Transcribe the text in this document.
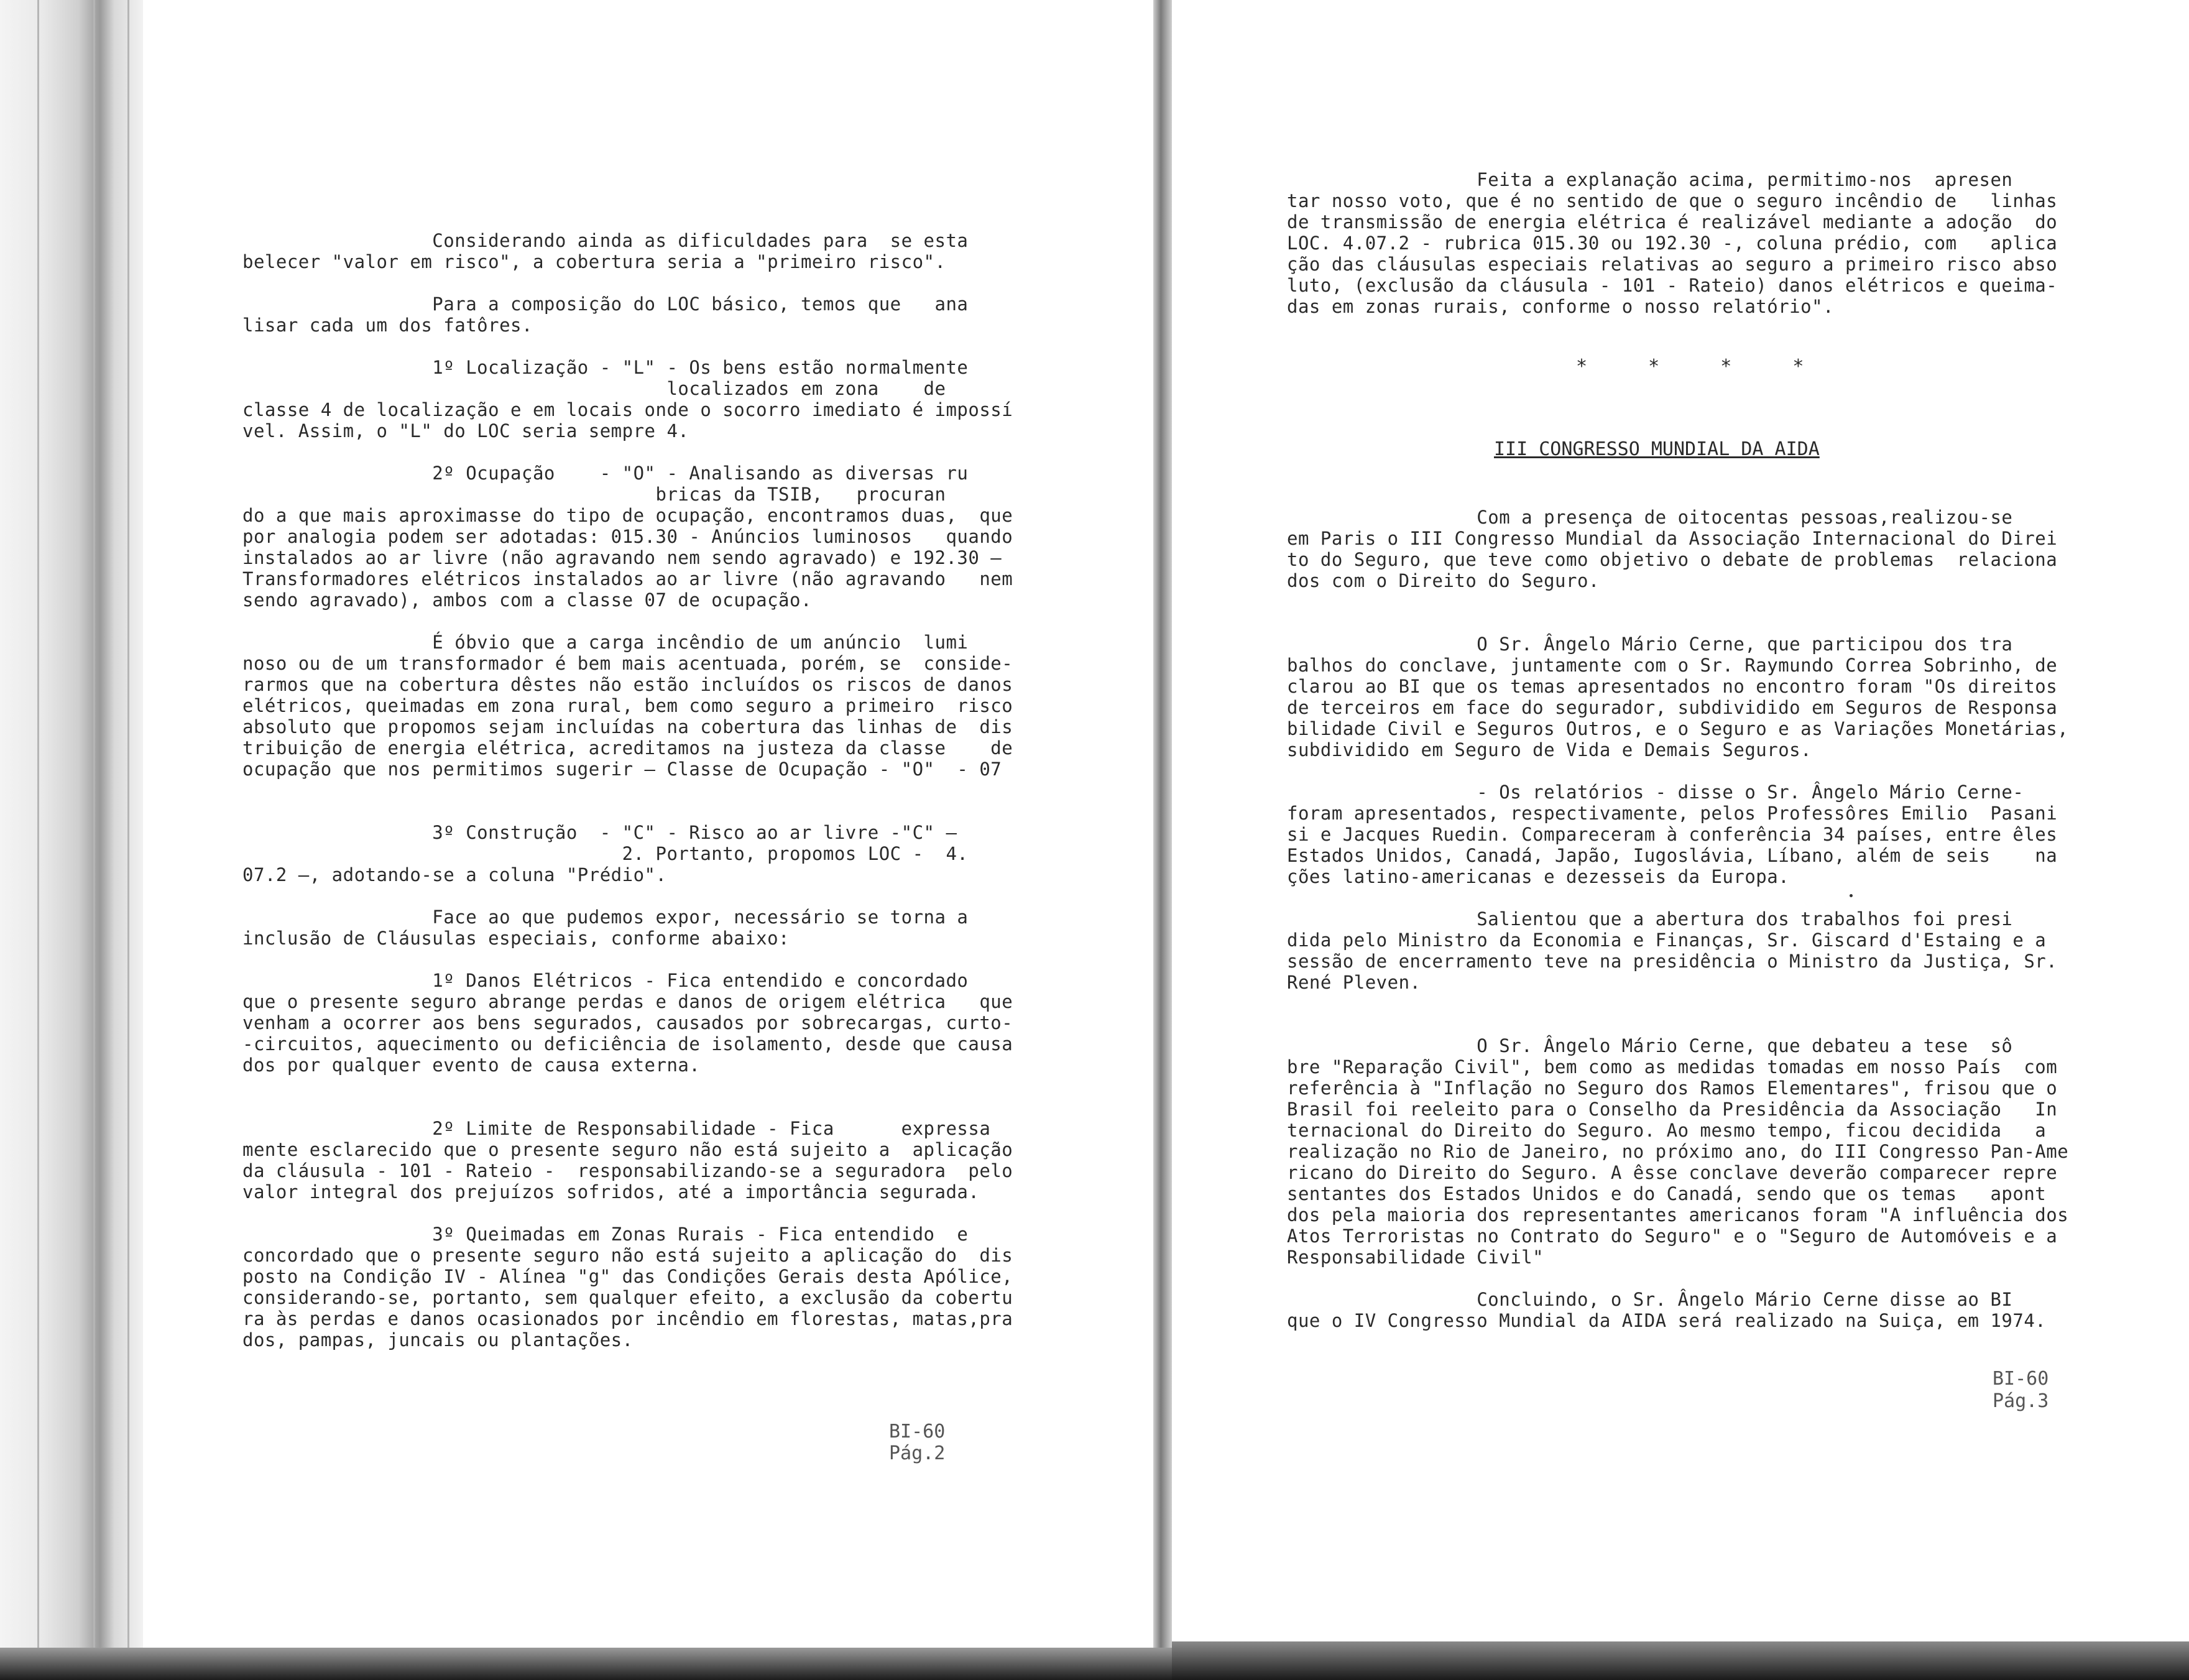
Considerando ainda as dificuldades para  se esta
belecer "valor em risco", a cobertura seria a "primeiro risco".

Para a composição do LOC básico, temos que   ana
lisar cada um dos fatôres.

1º Localização - "L" - Os bens estão normalmente
localizados em zona    de
classe 4 de localização e em locais onde o socorro imediato é impossí
vel. Assim, o "L" do LOC seria sempre 4.

2º Ocupação    - "O" - Analisando as diversas ru
bricas da TSIB,   procuran
do a que mais aproximasse do tipo de ocupação, encontramos duas,  que
por analogia podem ser adotadas: 015.30 - Anúncios luminosos   quando
instalados ao ar livre (não agravando nem sendo agravado) e 192.30 —
Transformadores elétricos instalados ao ar livre (não agravando   nem
sendo agravado), ambos com a classe 07 de ocupação.

É óbvio que a carga incêndio de um anúncio  lumi
noso ou de um transformador é bem mais acentuada, porém, se  conside-
rarmos que na cobertura dêstes não estão incluídos os riscos de danos
elétricos, queimadas em zona rural, bem como seguro a primeiro  risco
absoluto que propomos sejam incluídas na cobertura das linhas de  dis
tribuição de energia elétrica, acreditamos na justeza da classe    de
ocupação que nos permitimos sugerir — Classe de Ocupação - "O"  - 07

3º Construção  - "C" - Risco ao ar livre -"C" —
2. Portanto, propomos LOC -  4.
07.2 —, adotando-se a coluna "Prédio".

Face ao que pudemos expor, necessário se torna a
inclusão de Cláusulas especiais, conforme abaixo:

1º Danos Elétricos - Fica entendido e concordado
que o presente seguro abrange perdas e danos de origem elétrica   que
venham a ocorrer aos bens segurados, causados por sobrecargas, curto-
-circuitos, aquecimento ou deficiência de isolamento, desde que causa
dos por qualquer evento de causa externa.

2º Limite de Responsabilidade - Fica      expressa
mente esclarecido que o presente seguro não está sujeito a  aplicação
da cláusula - 101 - Rateio -  responsabilizando-se a seguradora  pelo
valor integral dos prejuízos sofridos, até a importância segurada.

3º Queimadas em Zonas Rurais - Fica entendido  e
concordado que o presente seguro não está sujeito a aplicação do  dis
posto na Condição IV - Alínea "g" das Condições Gerais desta Apólice,
considerando-se, portanto, sem qualquer efeito, a exclusão da cobertu
ra às perdas e danos ocasionados por incêndio em florestas, matas,pra
dos, pampas, juncais ou plantações.
BI-60
Pág.2
Feita a explanação acima, permitimo-nos  apresen
tar nosso voto, que é no sentido de que o seguro incêndio de   linhas
de transmissão de energia elétrica é realizável mediante a adoção  do
LOC. 4.07.2 - rubrica 015.30 ou 192.30 -, coluna prédio, com   aplica
ção das cláusulas especiais relativas ao seguro a primeiro risco abso
luto, (exclusão da cláusula - 101 - Rateio) danos elétricos e queima-
das em zonas rurais, conforme o nosso relatório".
* * * *
III CONGRESSO MUNDIAL DA AIDA
Com a presença de oitocentas pessoas,realizou-se
em Paris o III Congresso Mundial da Associação Internacional do Direi
to do Seguro, que teve como objetivo o debate de problemas  relaciona
dos com o Direito do Seguro.

O Sr. Ângelo Mário Cerne, que participou dos tra
balhos do conclave, juntamente com o Sr. Raymundo Correa Sobrinho, de
clarou ao BI que os temas apresentados no encontro foram "Os direitos
de terceiros em face do segurador, subdividido em Seguros de Responsa
bilidade Civil e Seguros Outros, e o Seguro e as Variações Monetárias,
subdividido em Seguro de Vida e Demais Seguros.

- Os relatórios - disse o Sr. Ângelo Mário Cerne-
foram apresentados, respectivamente, pelos Professôres Emilio  Pasani
si e Jacques Ruedin. Compareceram à conferência 34 países, entre êles
Estados Unidos, Canadá, Japão, Iugoslávia, Líbano, além de seis    na
ções latino-americanas e dezesseis da Europa.

Salientou que a abertura dos trabalhos foi presi
dida pelo Ministro da Economia e Finanças, Sr. Giscard d'Estaing e a
sessão de encerramento teve na presidência o Ministro da Justiça, Sr.
René Pleven.

O Sr. Ângelo Mário Cerne, que debateu a tese  sô
bre "Reparação Civil", bem como as medidas tomadas em nosso País  com
referência à "Inflação no Seguro dos Ramos Elementares", frisou que o
Brasil foi reeleito para o Conselho da Presidência da Associação   In
ternacional do Direito do Seguro. Ao mesmo tempo, ficou decidida   a
realização no Rio de Janeiro, no próximo ano, do III Congresso Pan-Ame
ricano do Direito do Seguro. A êsse conclave deverão comparecer repre
sentantes dos Estados Unidos e do Canadá, sendo que os temas   apont
dos pela maioria dos representantes americanos foram "A influência dos
Atos Terroristas no Contrato do Seguro" e o "Seguro de Automóveis e a
Responsabilidade Civil"

Concluindo, o Sr. Ângelo Mário Cerne disse ao BI
que o IV Congresso Mundial da AIDA será realizado na Suiça, em 1974.
BI-60
Pág.3
